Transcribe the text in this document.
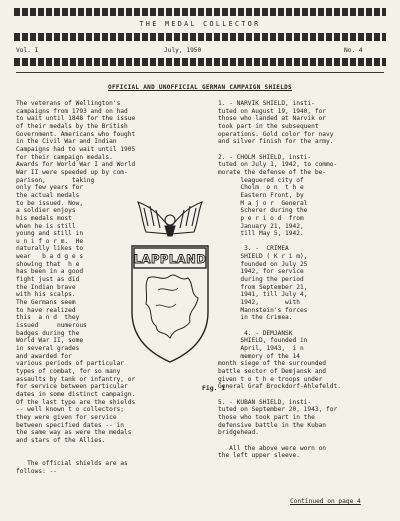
THE MEDAL COLLECTOR
Vol. I	July, 1950	No. 4
OFFICIAL AND UNOFFICIAL GERMAN CAMPAIGN SHIELDS
The veterans of Wellington's
campaigns from 1793 and on had
to wait until 1848 for the issue
of their medals by the British
Government. Americans who fought
in the Civil War and Indian
Campaigns had to wait until 1905
for their campaign medals.
Awards for World War I and World
War II were speeded up by com-
parison,       taking
only few years for
the actual medals
to be issued. Now,
a soldier enjoys
his medals most
when he is still
young and still in
u n i f o r m.  He
naturally likes to
wear   b a d g e s
showing that  h e
has been in a good
fight just as did
the Indian brave
with his scalps.
The Germans seem
to have realized
this  a n d  they
issued     numerous
badges during the
World War II, some
in several grades
and awarded for
various periods of particular
types of combat, for so many
assaults by tank or infantry, or
for service between particular
dates in some distinct campaign.
Of the last type are the shields
-- well known t o collectors;
they were given for service
between specified dates -- in
the same way as were the medals
and stars of the Allies.
The official shields are as
follows: --
1. - NARVIK SHIELD, insti-
tuted on August 19, 1940, for
those who landed at Narvik or
took part in the subsequent
operations. Gold color for navy
and silver finish for the army.

2. - CHOLM SHIELD, insti-
tuted on July 1, 1942, to commo-
morate the defense of the be-
leaguered city of
Cholm  o n  t h e
Eastern Front, by
M a j o r  General
Scherer during the
p e r i o d  from
January 21, 1942,
till May 5, 1942.

3. -  CRIMEA
SHIELD ( K r i m),
founded on July 25
1942, for service
during the period
from September 21,
1941, till July 4,
1942,       with
Mannstein's forces
in the Crimea.

4. - DEMJANSK
SHIELD, founded in
April, 1943,  i n
memory of the 14
month siege of the surrounded
battle sector of Demjansk and
given t o t h e troops under
General Graf Brockdorf-Ahlefeldt.

5. - KUBAN SHIELD, insti-
tuted on September 20, 1943, for
those who took part in the
defensive battle in the Kuban
bridgehead.

All the above were worn on
the left upper sleeve.
LAPPLAND
Fig. 1
Continued on page 4
